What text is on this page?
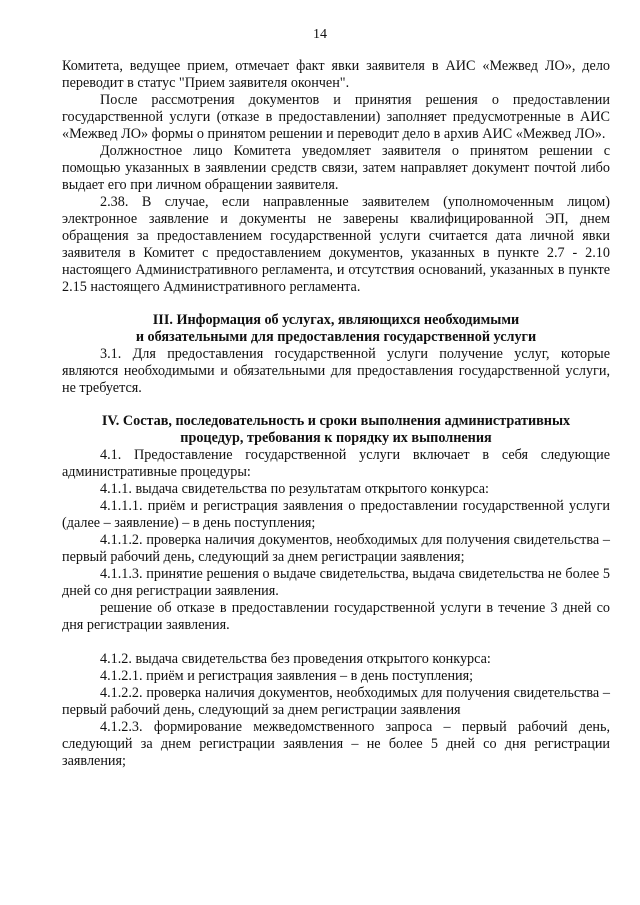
14

Комитета, ведущее прием, отмечает факт явки заявителя в АИС «Межвед ЛО», дело переводит в статус "Прием заявителя окончен".

После рассмотрения документов и принятия решения о предоставлении государственной услуги (отказе в предоставлении) заполняет предусмотренные в АИС «Межвед ЛО» формы о принятом решении и переводит дело в архив АИС «Межвед ЛО».

Должностное лицо Комитета уведомляет заявителя о принятом решении с помощью указанных в заявлении средств связи, затем направляет документ почтой либо выдает его при личном обращении заявителя.

2.38. В случае, если направленные заявителем (уполномоченным лицом) электронное заявление и документы не заверены квалифицированной ЭП, днем обращения за предоставлением государственной услуги считается дата личной явки заявителя в Комитет с предоставлением документов, указанных в пункте 2.7 - 2.10 настоящего Административного регламента, и отсутствия оснований, указанных в пункте 2.15 настоящего Административного регламента.

III. Информация об услугах, являющихся необходимыми

и обязательными для предоставления государственной услуги

3.1. Для предоставления государственной услуги получение услуг, которые являются необходимыми и обязательными для предоставления государственной услуги, не требуется.

IV. Состав, последовательность и сроки выполнения административных

процедур, требования к порядку их выполнения

4.1. Предоставление государственной услуги включает в себя следующие административные процедуры:

4.1.1. выдача свидетельства по результатам открытого конкурса:

4.1.1.1. приём и регистрация заявления о предоставлении государственной услуги (далее – заявление) – в день поступления;

4.1.1.2. проверка наличия документов, необходимых для получения свидетельства – первый рабочий день, следующий за днем регистрации заявления;

4.1.1.3. принятие решения о выдаче свидетельства, выдача свидетельства не более 5 дней со дня регистрации заявления.

решение об отказе в предоставлении государственной услуги в течение 3 дней со дня регистрации заявления.

4.1.2. выдача свидетельства без проведения открытого конкурса:

4.1.2.1. приём и регистрация заявления – в день поступления;

4.1.2.2. проверка наличия документов, необходимых для получения свидетельства – первый рабочий день, следующий за днем регистрации заявления

4.1.2.3. формирование межведомственного запроса – первый рабочий день, следующий за днем регистрации заявления – не более 5 дней со дня регистрации заявления;
